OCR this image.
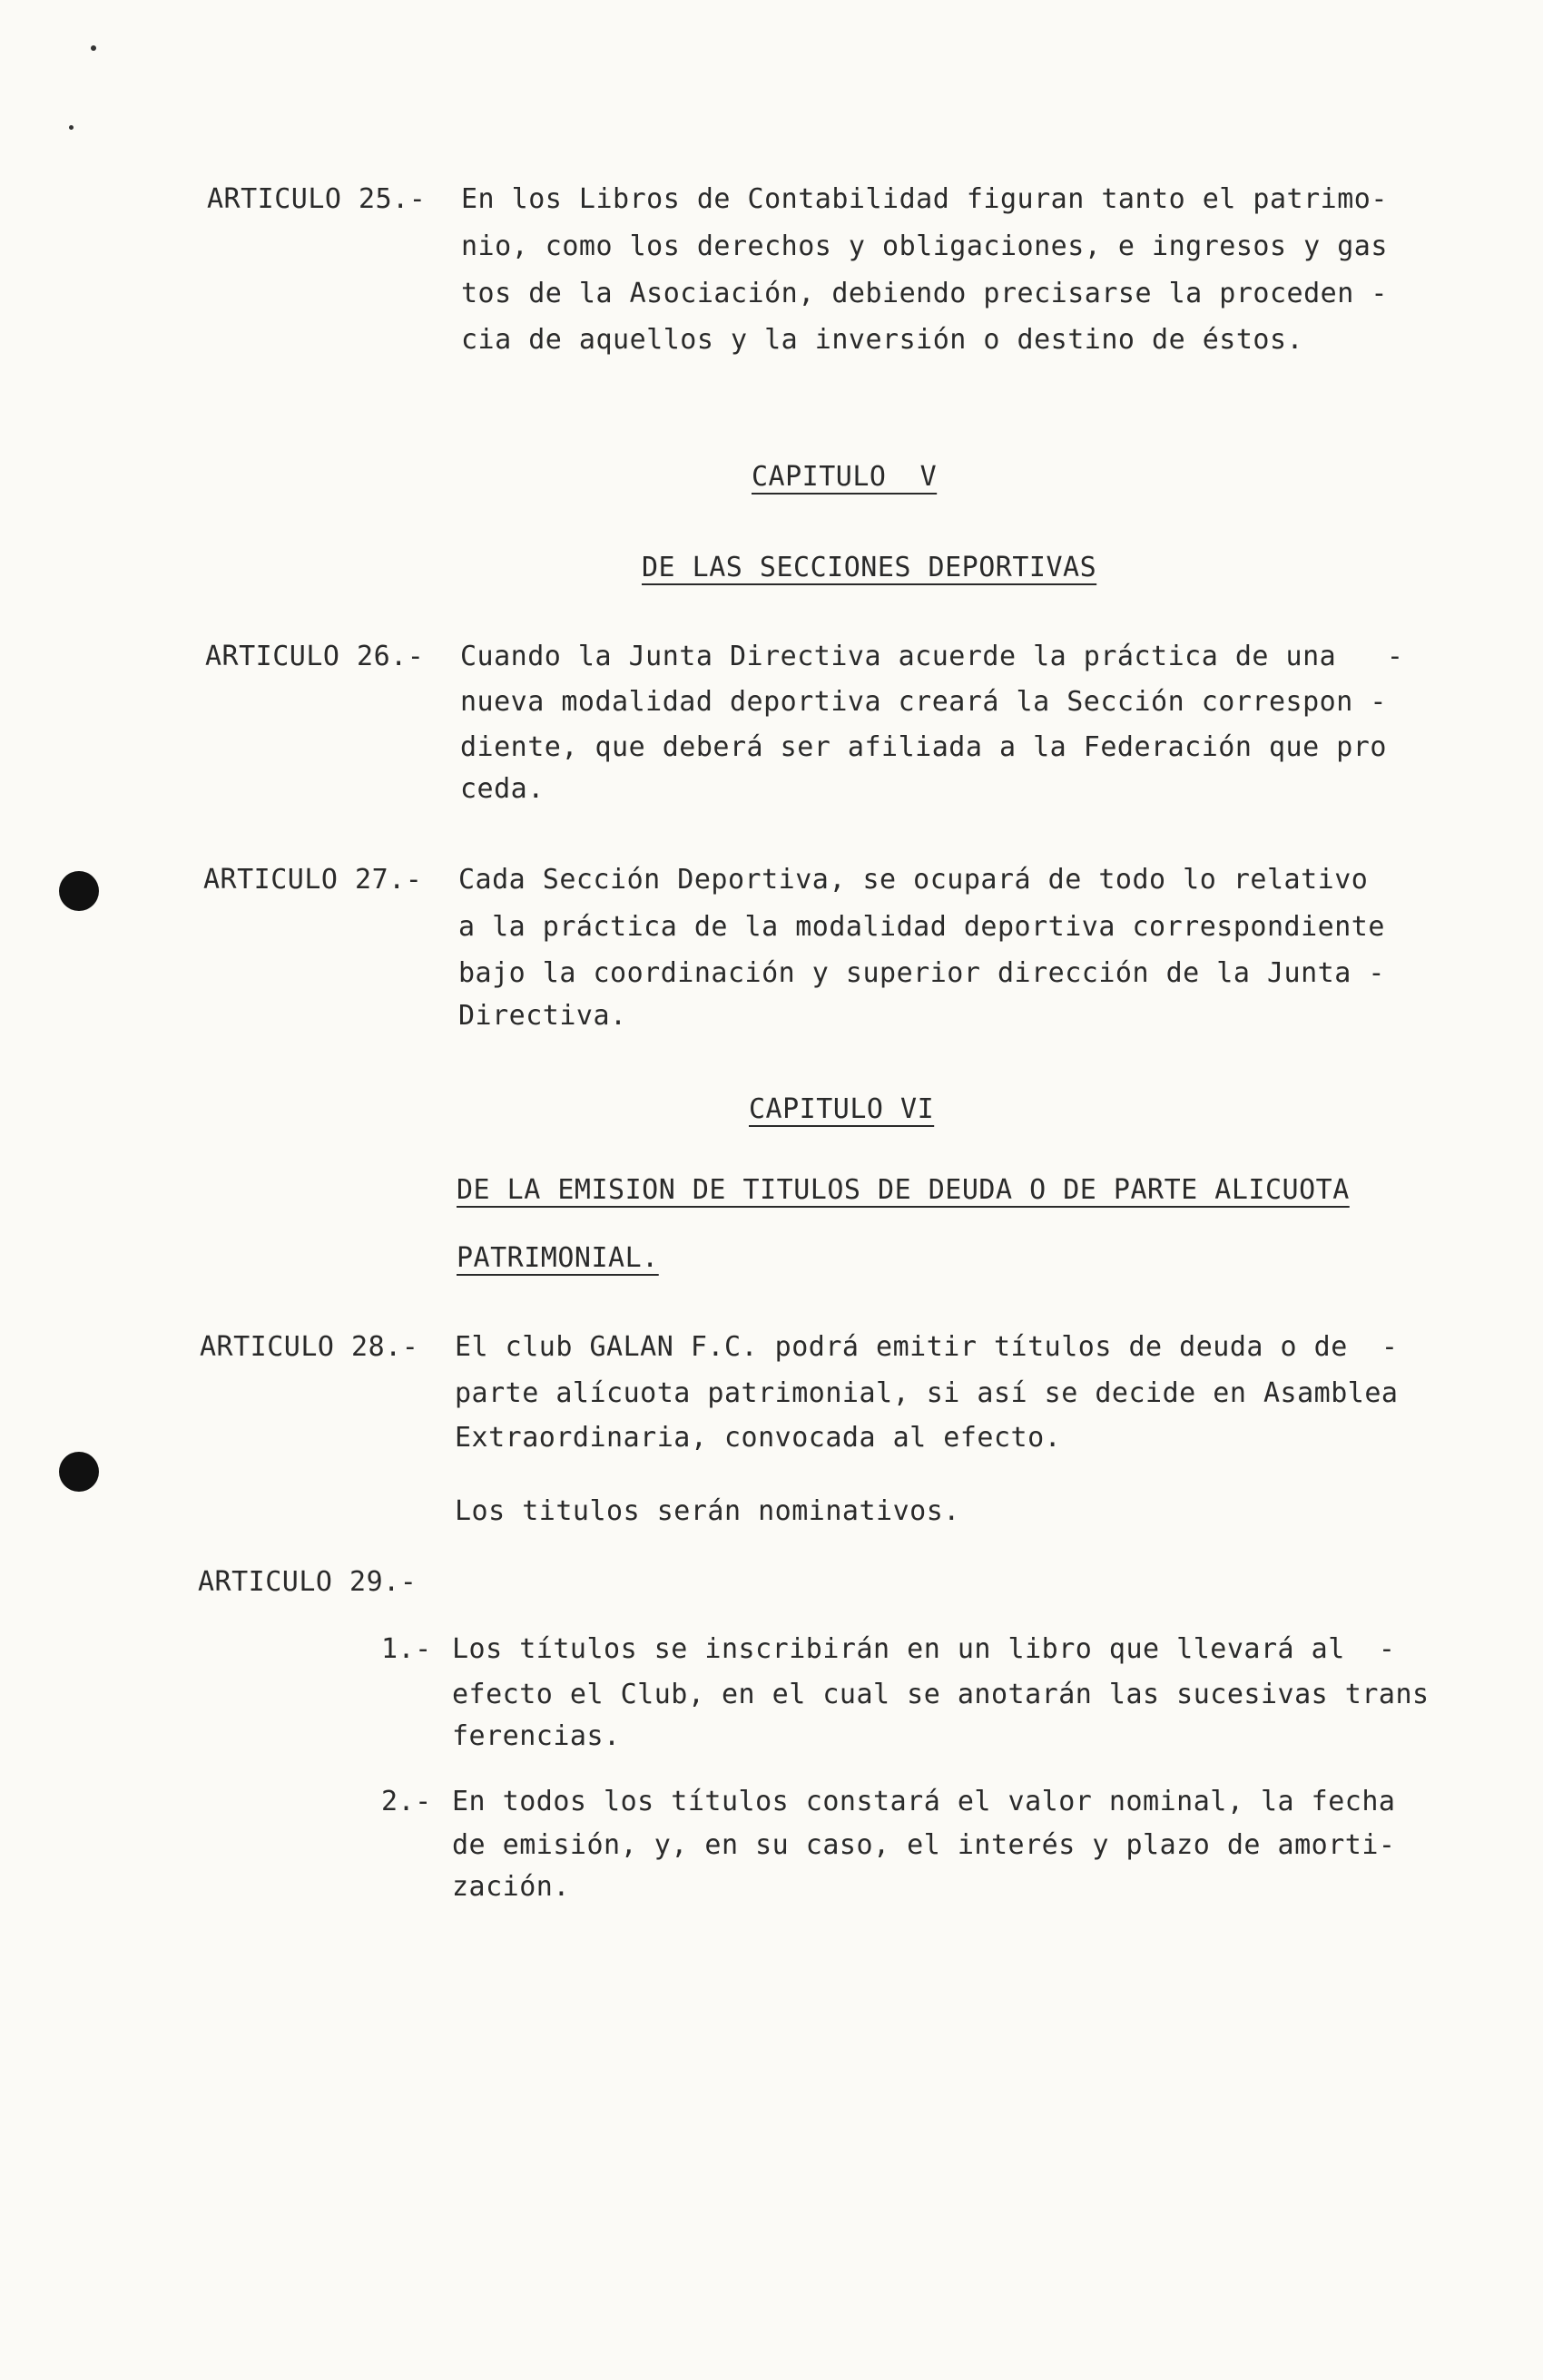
ARTICULO 25.- En los Libros de Contabilidad figuran tanto el patrimo-
nio, como los derechos y obligaciones, e ingresos y gas
tos de la Asociación, debiendo precisarse la proceden -
cia de aquellos y la inversión o destino de éstos.
CAPITULO  V
DE LAS SECCIONES DEPORTIVAS
ARTICULO 26.- Cuando la Junta Directiva acuerde la práctica de una   -
nueva modalidad deportiva creará la Sección correspon -
diente, que deberá ser afiliada a la Federación que pro
ceda.
ARTICULO 27.- Cada Sección Deportiva, se ocupará de todo lo relativo
a la práctica de la modalidad deportiva correspondiente
bajo la coordinación y superior dirección de la Junta -
Directiva.
CAPITULO VI
DE LA EMISION DE TITULOS DE DEUDA O DE PARTE ALICUOTA
PATRIMONIAL.
ARTICULO 28.- El club GALAN F.C. podrá emitir títulos de deuda o de  -
parte alícuota patrimonial, si así se decide en Asamblea
Extraordinaria, convocada al efecto.
Los titulos serán nominativos.
ARTICULO 29.-
1.- Los títulos se inscribirán en un libro que llevará al  -
efecto el Club, en el cual se anotarán las sucesivas trans
ferencias.
2.- En todos los títulos constará el valor nominal, la fecha
de emisión, y, en su caso, el interés y plazo de amorti-
zación.
